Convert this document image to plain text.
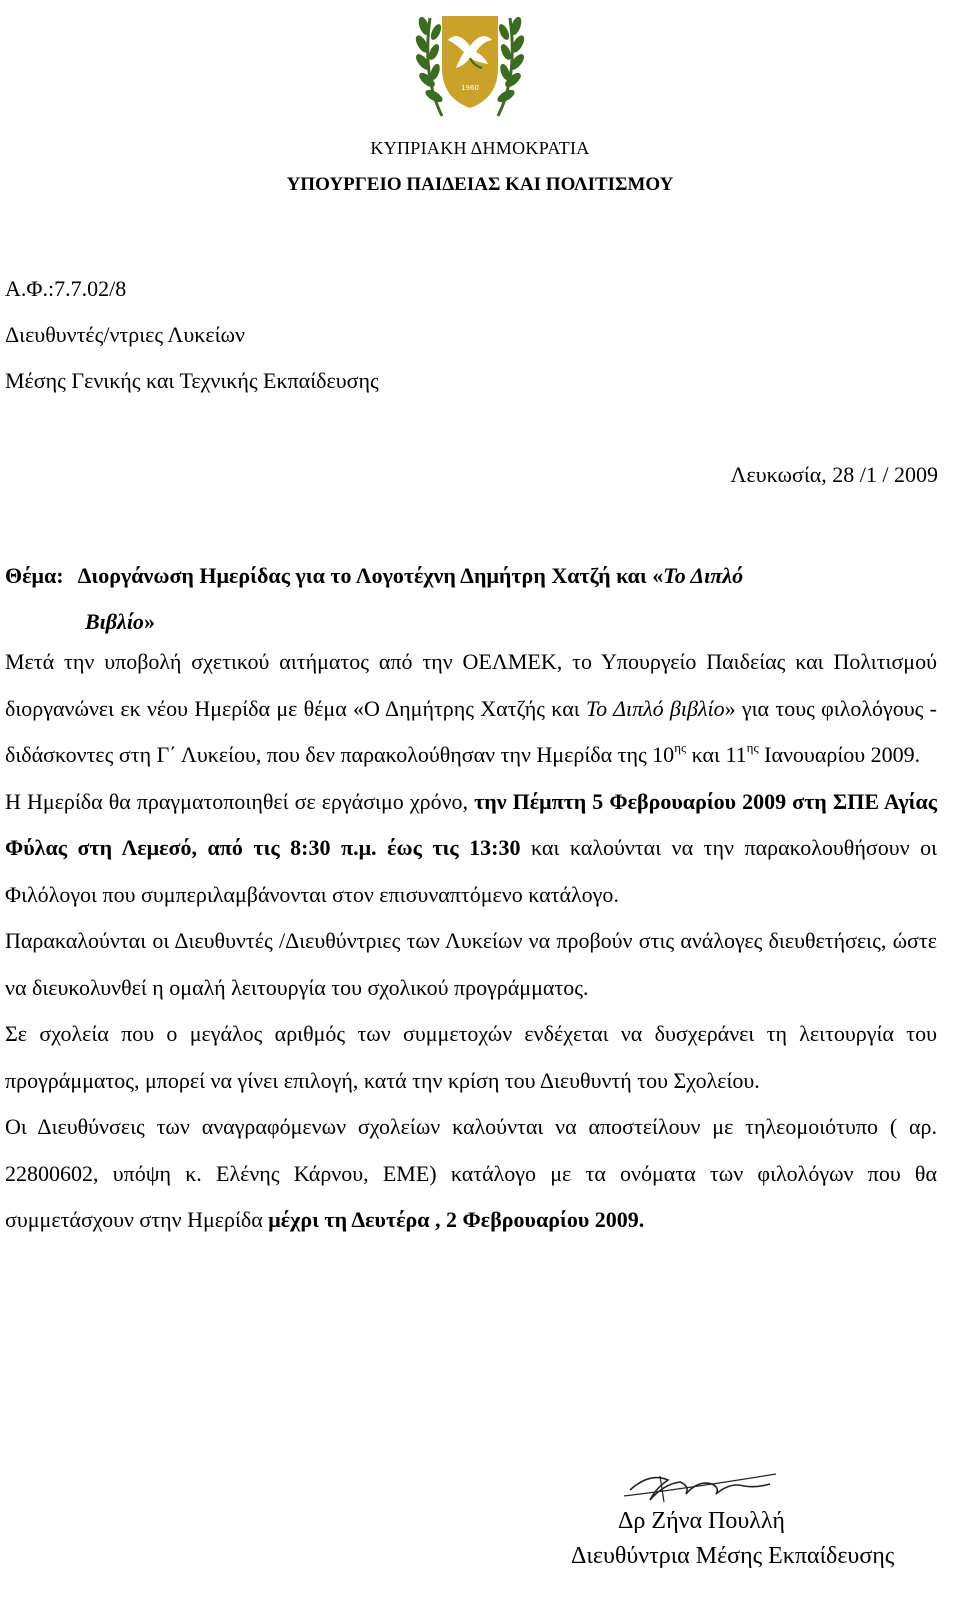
1960
ΚΥΠΡΙΑΚΗ ΔΗΜΟΚΡΑΤΙΑ
ΥΠΟΥΡΓΕΙΟ ΠΑΙΔΕΙΑΣ ΚΑΙ ΠΟΛΙΤΙΣΜΟΥ
Α.Φ.:7.7.02/8
Διευθυντές/ντριες Λυκείων
Μέσης Γενικής και Τεχνικής Εκπαίδευσης
Λευκωσία, 28 /1 / 2009
Θέμα: Διοργάνωση Ημερίδας για το Λογοτέχνη Δημήτρη Χατζή και «Το Διπλό
Βιβλίο»

Μετά την υποβολή σχετικού αιτήματος από την ΟΕΛΜΕΚ, το Υπουργείο Παιδείας και Πολιτισμού διοργανώνει εκ νέου Ημερίδα με θέμα «Ο Δημήτρης Χατζής και Το Διπλό βιβλίο» για τους φιλολόγους - διδάσκοντες στη Γ΄ Λυκείου, που δεν παρακολούθησαν την Ημερίδα της $10^{\eta\varsigma}$ και $11^{\eta\varsigma}$ Ιανουαρίου 2009.

Η Ημερίδα θα πραγματοποιηθεί σε εργάσιμο χρόνο, την Πέμπτη 5 Φεβρουαρίου 2009 στη ΣΠΕ Αγίας Φύλας στη Λεμεσό, από τις 8:30 π.μ. έως τις 13:30 και καλούνται να την παρακολουθήσουν οι Φιλόλογοι που συμπεριλαμβάνονται στον επισυναπτόμενο κατάλογο.

Παρακαλούνται οι Διευθυντές /Διευθύντριες των Λυκείων να προβούν στις ανάλογες διευθετήσεις, ώστε να διευκολυνθεί η ομαλή λειτουργία του σχολικού προγράμματος.

Σε σχολεία που ο μεγάλος αριθμός των συμμετοχών ενδέχεται να δυσχεράνει τη λειτουργία του προγράμματος, μπορεί να γίνει επιλογή, κατά την κρίση του Διευθυντή του Σχολείου.

Οι Διευθύνσεις των αναγραφόμενων σχολείων καλούνται να αποστείλουν με τηλεομοιότυπο ( αρ. 22800602, υπόψη κ. Ελένης Κάρνου, ΕΜΕ) κατάλογο με τα ονόματα των φιλολόγων που θα συμμετάσχουν στην Ημερίδα μέχρι τη Δευτέρα , 2 Φεβρουαρίου 2009.

Δρ Ζήνα Πουλλή
Διευθύντρια Μέσης Εκπαίδευσης
